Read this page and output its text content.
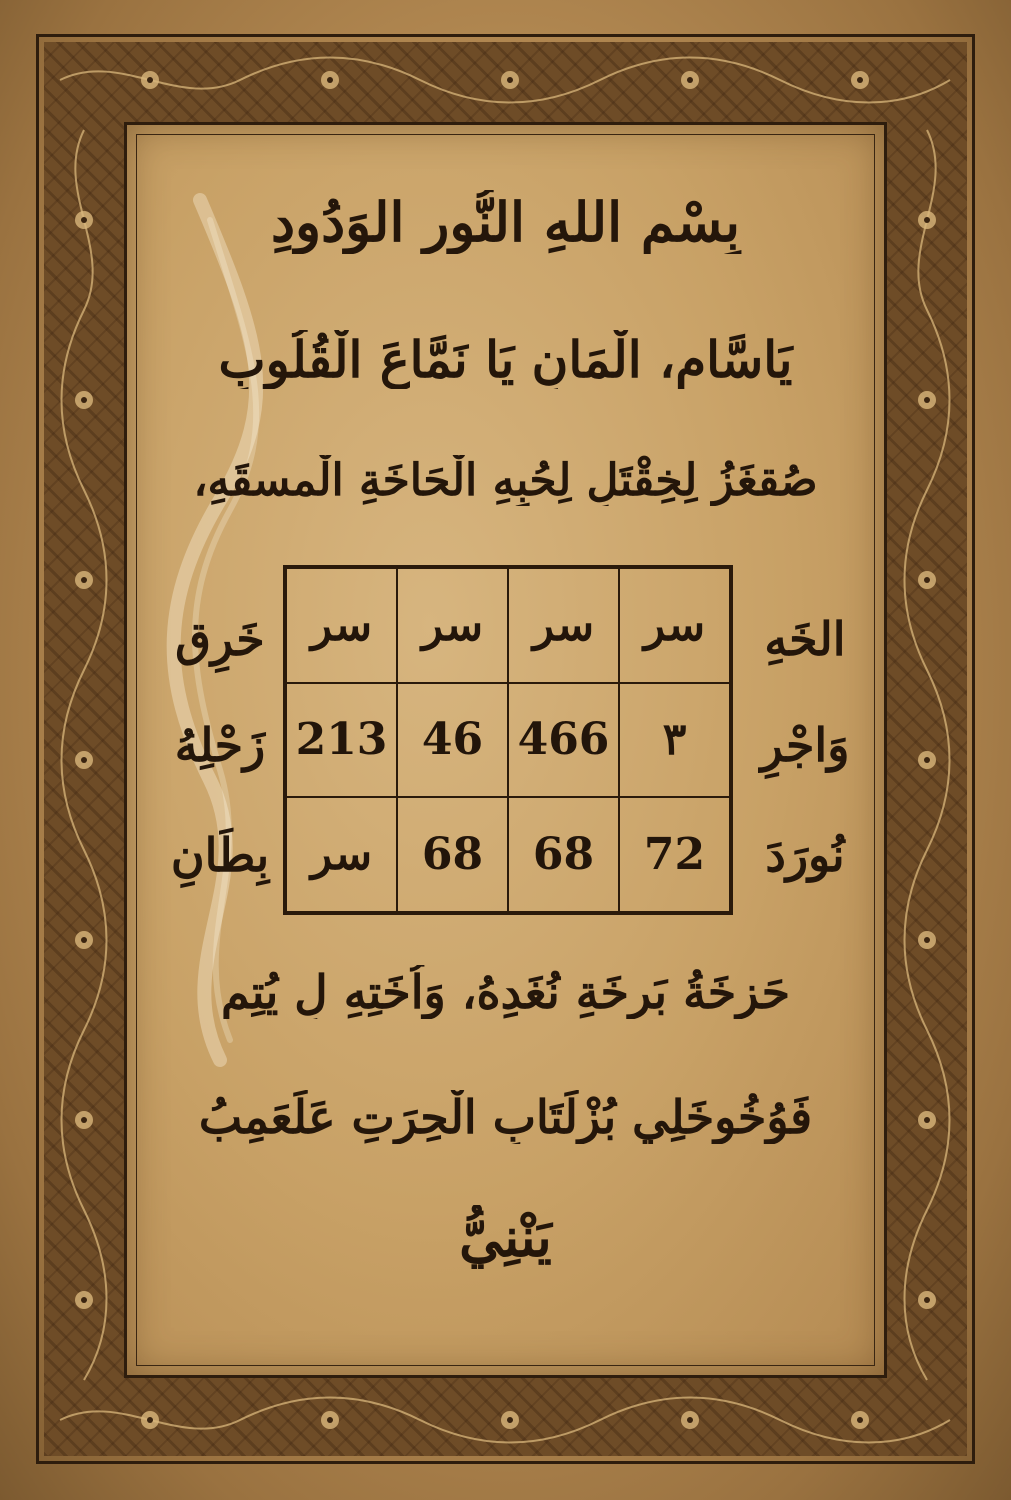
بِسْمِ اللهِ النُّورِ الوَدُودِ
يَاسَّامِ، الْمَانِ يَا نَمَّاعَ الْقُلُوبِ
صُقغَزُ لِخِقْتَلِ لِحُبِهِ الْحَاخَةِ الْمسقَهِ،
الخَهِ
خَرِق
وَاجْرِ
زَحْلِهُ
نُورَدَ
بِطَانِ
سر
سر
سر
سر
٣
466
46
213
72
68
68
سر
حَزخَةُ بَرِخَةِ نُغَدِهُ، وَاُخَتِهِ لِ يُتِمِ
فَوُخُوخَلِي بُزْلَتَابِ الْحِرَتِ عَلَعَمِبُ
يَنْنِيُّ
